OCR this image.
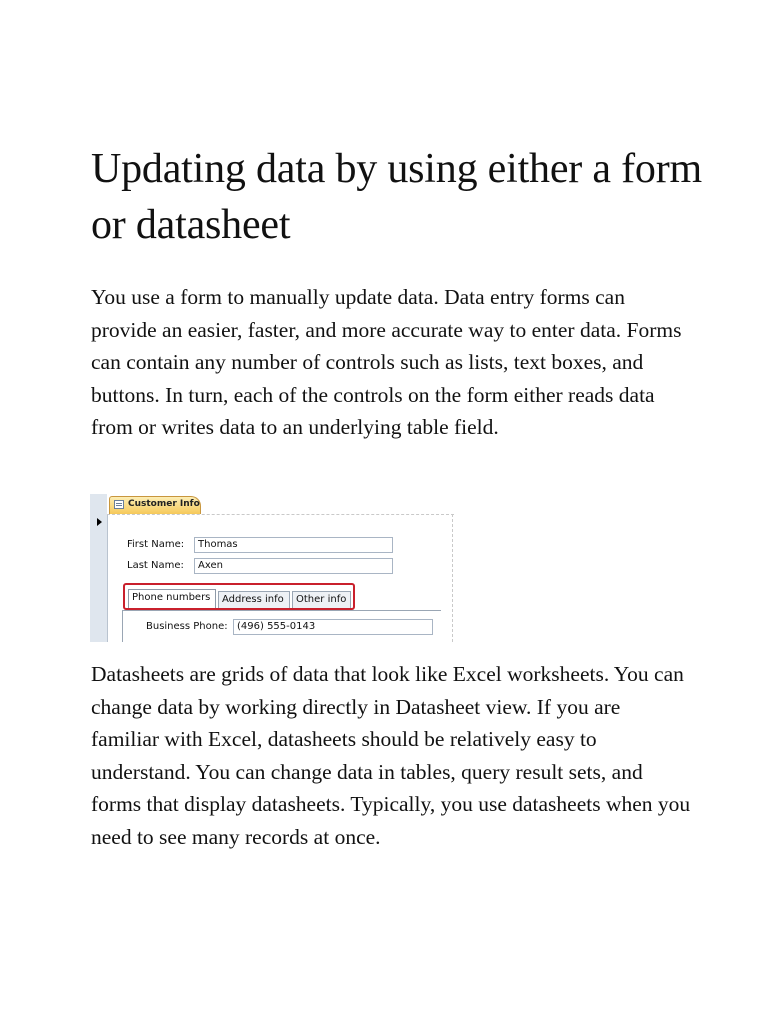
Updating data by using either a form or datasheet

You use a form to manually update data. Data entry forms can provide an easier, faster, and more accurate way to enter data. Forms can contain any number of controls such as lists, text boxes, and buttons. In turn, each of the controls on the form either reads data from or writes data to an underlying table field.

Customer Info
First Name:	Thomas
Last Name:	Axen
Phone numbers	Address info	Other info
Business Phone: (496) 555-0143

Datasheets are grids of data that look like Excel worksheets. You can change data by working directly in Datasheet view. If you are familiar with Excel, datasheets should be relatively easy to understand. You can change data in tables, query result sets, and forms that display datasheets. Typically, you use datasheets when you need to see many records at once.
